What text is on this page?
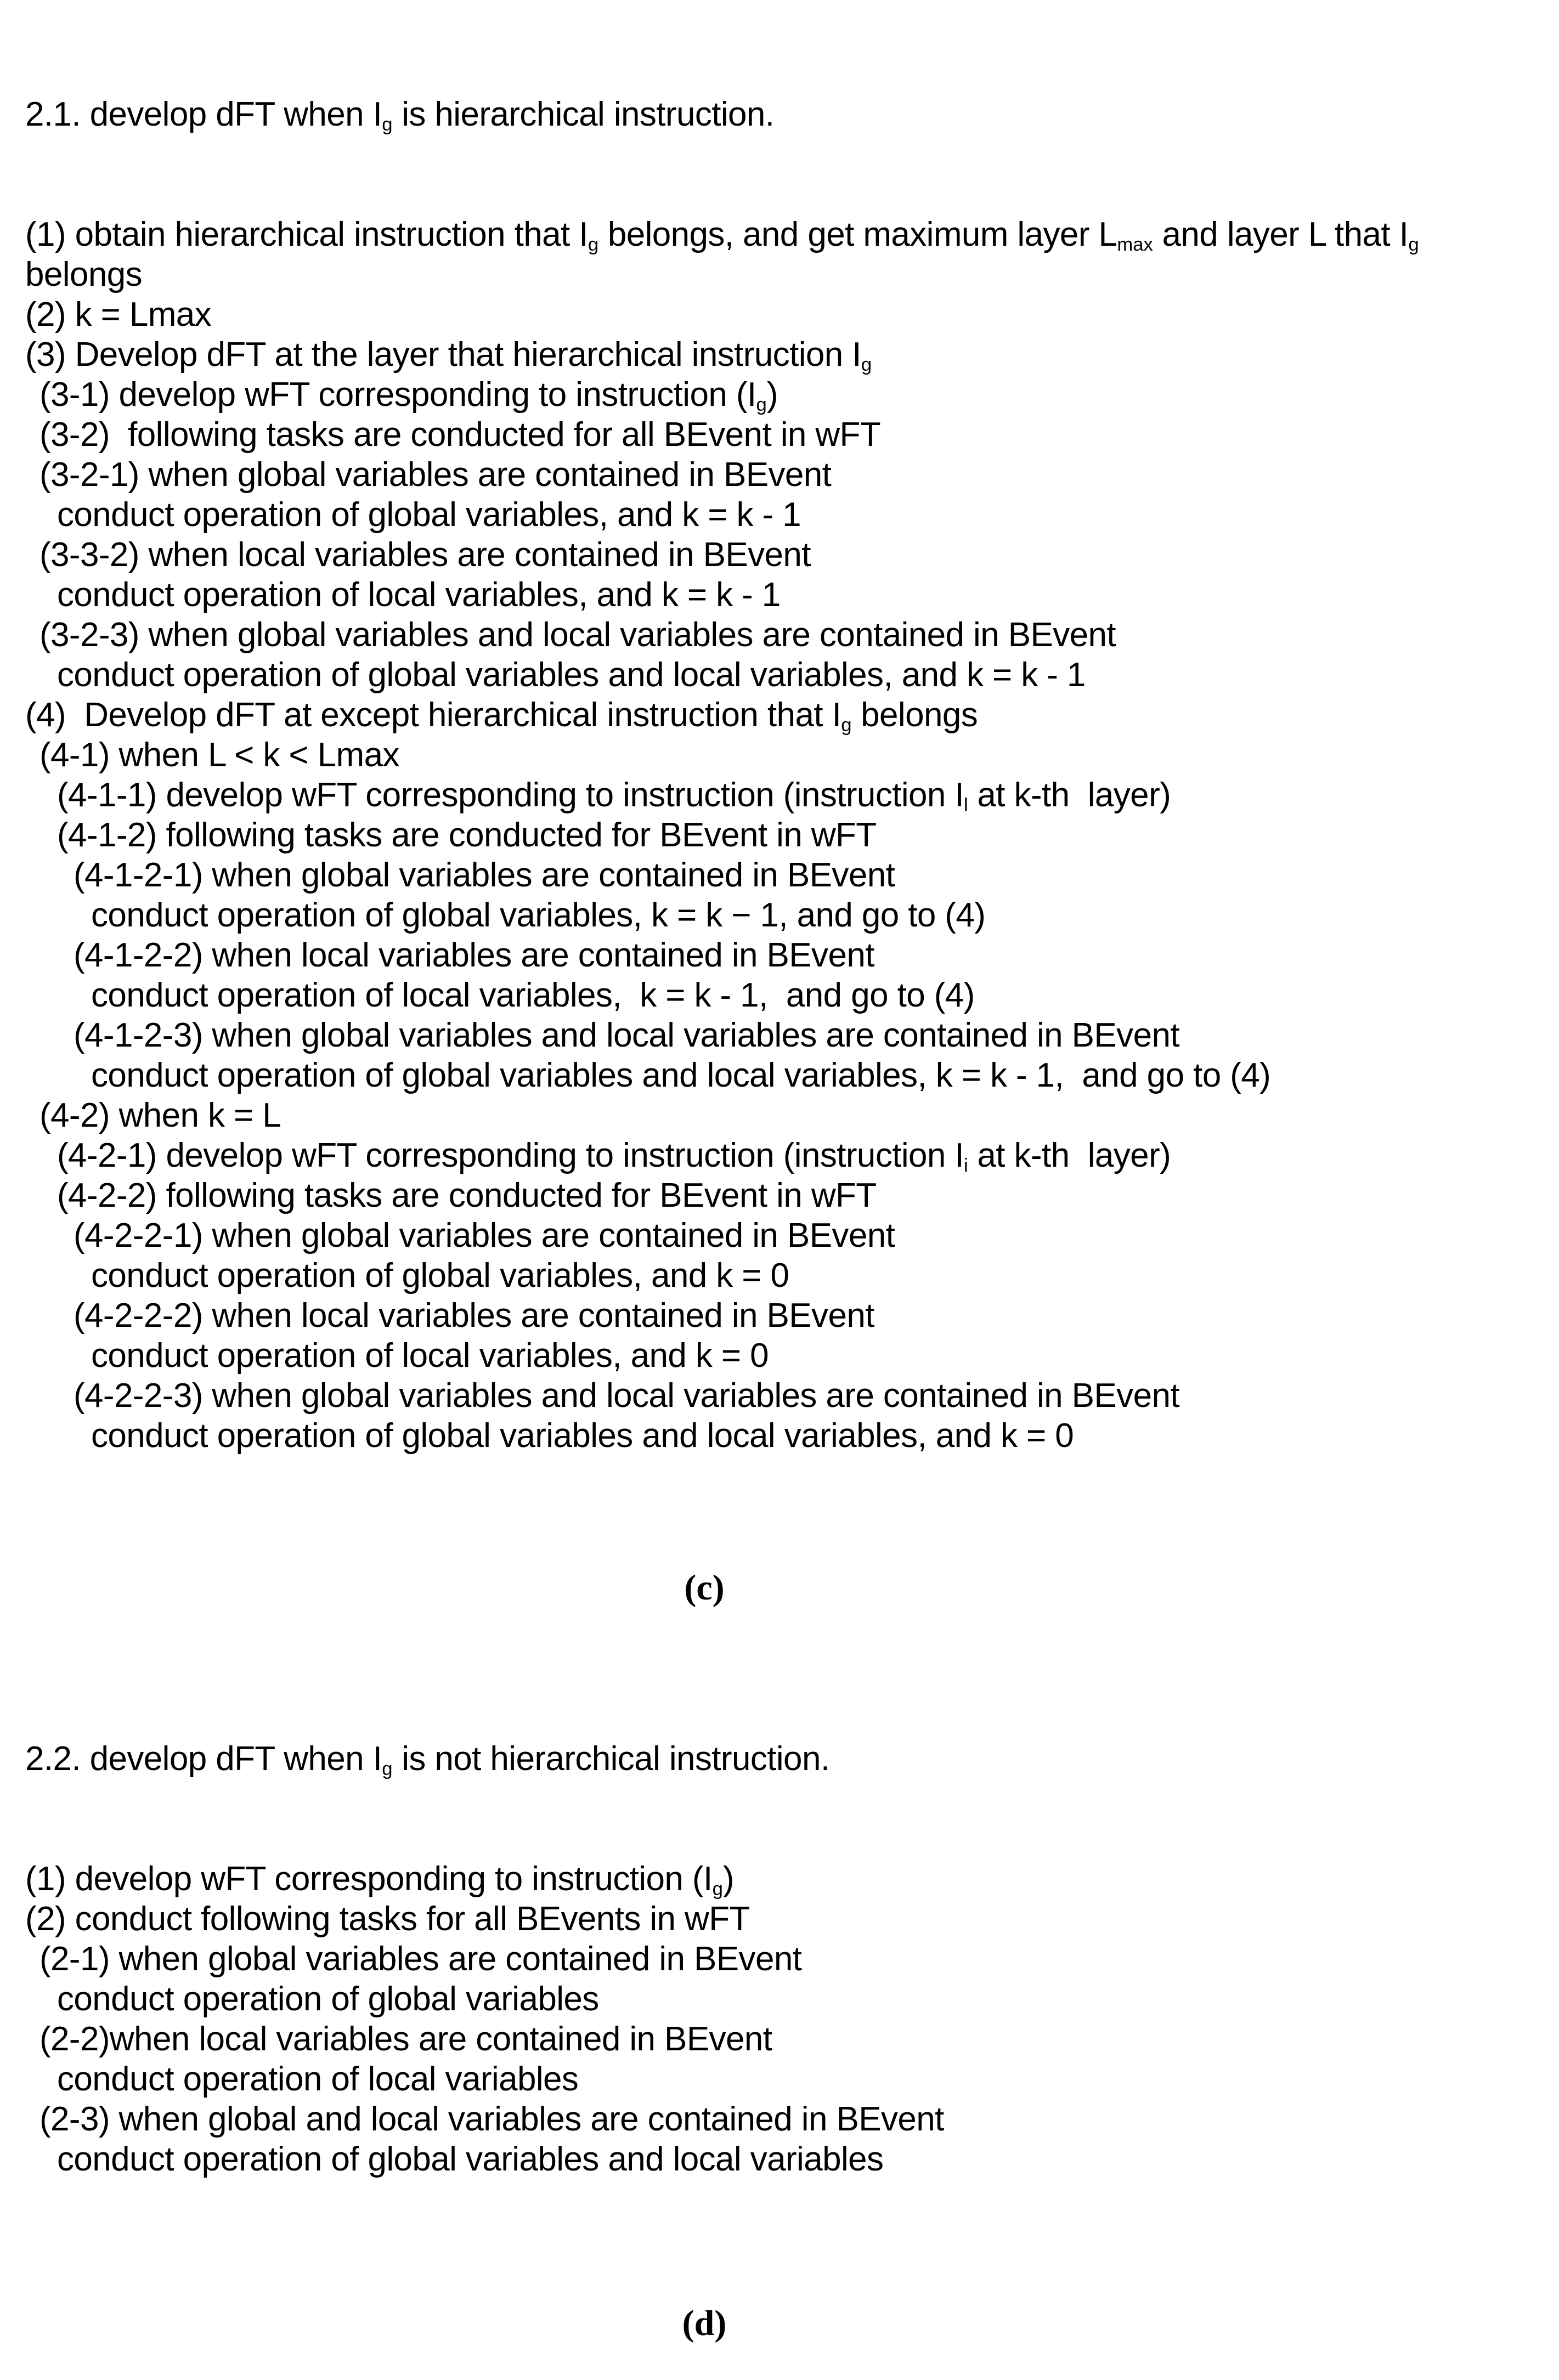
2.1. develop dFT when $I_g$ is hierarchical instruction.

(1) obtain hierarchical instruction that $I_g$ belongs, and get maximum layer $L_{max}$ and layer L that $I_g$
belongs
(2) k = Lmax
(3) Develop dFT at the layer that hierarchical instruction $I_g$
(3-1) develop wFT corresponding to instruction $(I_g)$
(3-2)  following tasks are conducted for all BEvent in wFT
(3-2-1) when global variables are contained in BEvent
conduct operation of global variables, and k = k - 1
(3-3-2) when local variables are contained in BEvent
conduct operation of local variables, and k = k - 1
(3-2-3) when global variables and local variables are contained in BEvent
conduct operation of global variables and local variables, and k = k - 1
(4)  Develop dFT at except hierarchical instruction that $I_g$ belongs
(4-1) when L < k < Lmax
(4-1-1) develop wFT corresponding to instruction (instruction $I_l$ at k-th  layer)
(4-1-2) following tasks are conducted for BEvent in wFT
(4-1-2-1) when global variables are contained in BEvent
conduct operation of global variables, k = k − 1, and go to (4)
(4-1-2-2) when local variables are contained in BEvent
conduct operation of local variables,  k = k - 1,  and go to (4)
(4-1-2-3) when global variables and local variables are contained in BEvent
conduct operation of global variables and local variables, k = k - 1,  and go to (4)
(4-2) when k = L
(4-2-1) develop wFT corresponding to instruction (instruction $I_i$ at k-th  layer)
(4-2-2) following tasks are conducted for BEvent in wFT
(4-2-2-1) when global variables are contained in BEvent
conduct operation of global variables, and k = 0
(4-2-2-2) when local variables are contained in BEvent
conduct operation of local variables, and k = 0
(4-2-2-3) when global variables and local variables are contained in BEvent
conduct operation of global variables and local variables, and k = 0

(c)

2.2. develop dFT when $I_g$ is not hierarchical instruction.

(1) develop wFT corresponding to instruction $(I_g)$
(2) conduct following tasks for all BEvents in wFT
(2-1) when global variables are contained in BEvent
conduct operation of global variables
(2-2)when local variables are contained in BEvent
conduct operation of local variables
(2-3) when global and local variables are contained in BEvent
conduct operation of global variables and local variables

(d)
